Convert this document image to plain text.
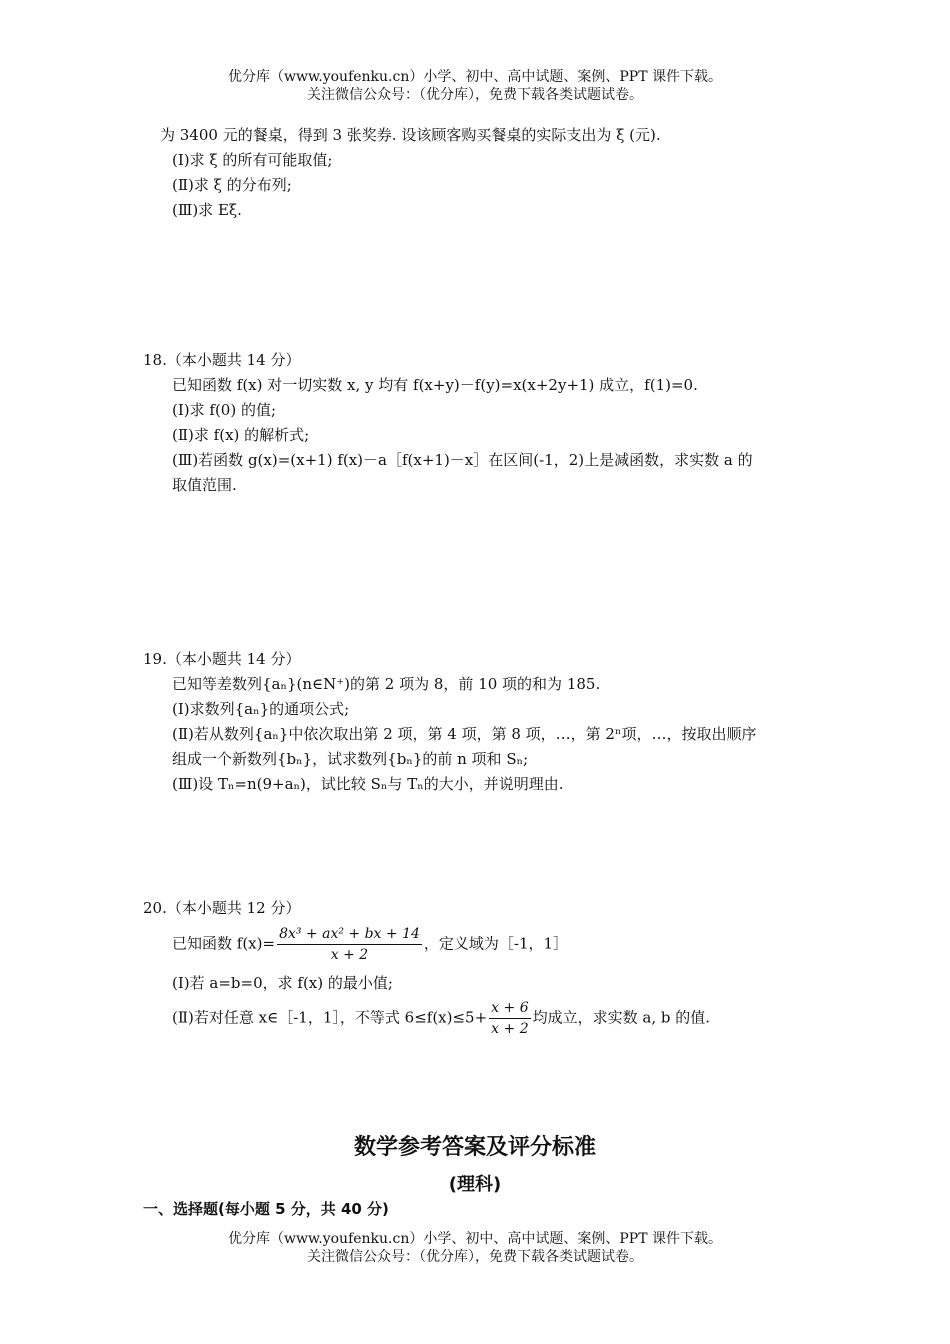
优分库（www.youfenku.cn）小学、初中、高中试题、案例、PPT 课件下载。
关注微信公众号：（优分库），免费下载各类试题试卷。
为 3400 元的餐桌，得到 3 张奖券. 设该顾客购买餐桌的实际支出为 ξ (元).
(Ⅰ)求 ξ 的所有可能取值;
(Ⅱ)求 ξ 的分布列;
(Ⅲ)求 Eξ.
18.（本小题共 14 分）
已知函数 f(x) 对一切实数 x, y 均有 f(x+y)－f(y)=x(x+2y+1) 成立，f(1)=0.
(Ⅰ)求 f(0) 的值;
(Ⅱ)求 f(x) 的解析式;
(Ⅲ)若函数 g(x)=(x+1) f(x)－a［f(x+1)－x］在区间(-1，2)上是减函数，求实数 a 的
取值范围.
19.（本小题共 14 分）
已知等差数列{aₙ}(n∈N⁺)的第 2 项为 8，前 10 项的和为 185.
(Ⅰ)求数列{aₙ}的通项公式;
(Ⅱ)若从数列{aₙ}中依次取出第 2 项，第 4 项，第 8 项，…，第 2ⁿ项，…，按取出顺序
组成一个新数列{bₙ}，试求数列{bₙ}的前 n 项和 Sₙ;
(Ⅲ)设 Tₙ=n(9+aₙ)，试比较 Sₙ与 Tₙ的大小，并说明理由.
20.（本小题共 12 分）
已知函数 $f(x)= \frac{\text{8x³ + ax² + bx + 14}}{x + 2}$ ，定义域为［-1，1］
(Ⅰ)若 a=b=0，求 f(x) 的最小值;
(Ⅱ)若对任意 x∈［-1，1］，不等式 $6\le f(x)\le 5+ \frac{x + 6}{x + 2}$ 均成立，求实数 a, b 的值.
数学参考答案及评分标准
(理科)
一、选择题(每小题 5 分，共 40 分)
优分库（www.youfenku.cn）小学、初中、高中试题、案例、PPT 课件下载。
关注微信公众号：（优分库），免费下载各类试题试卷。
